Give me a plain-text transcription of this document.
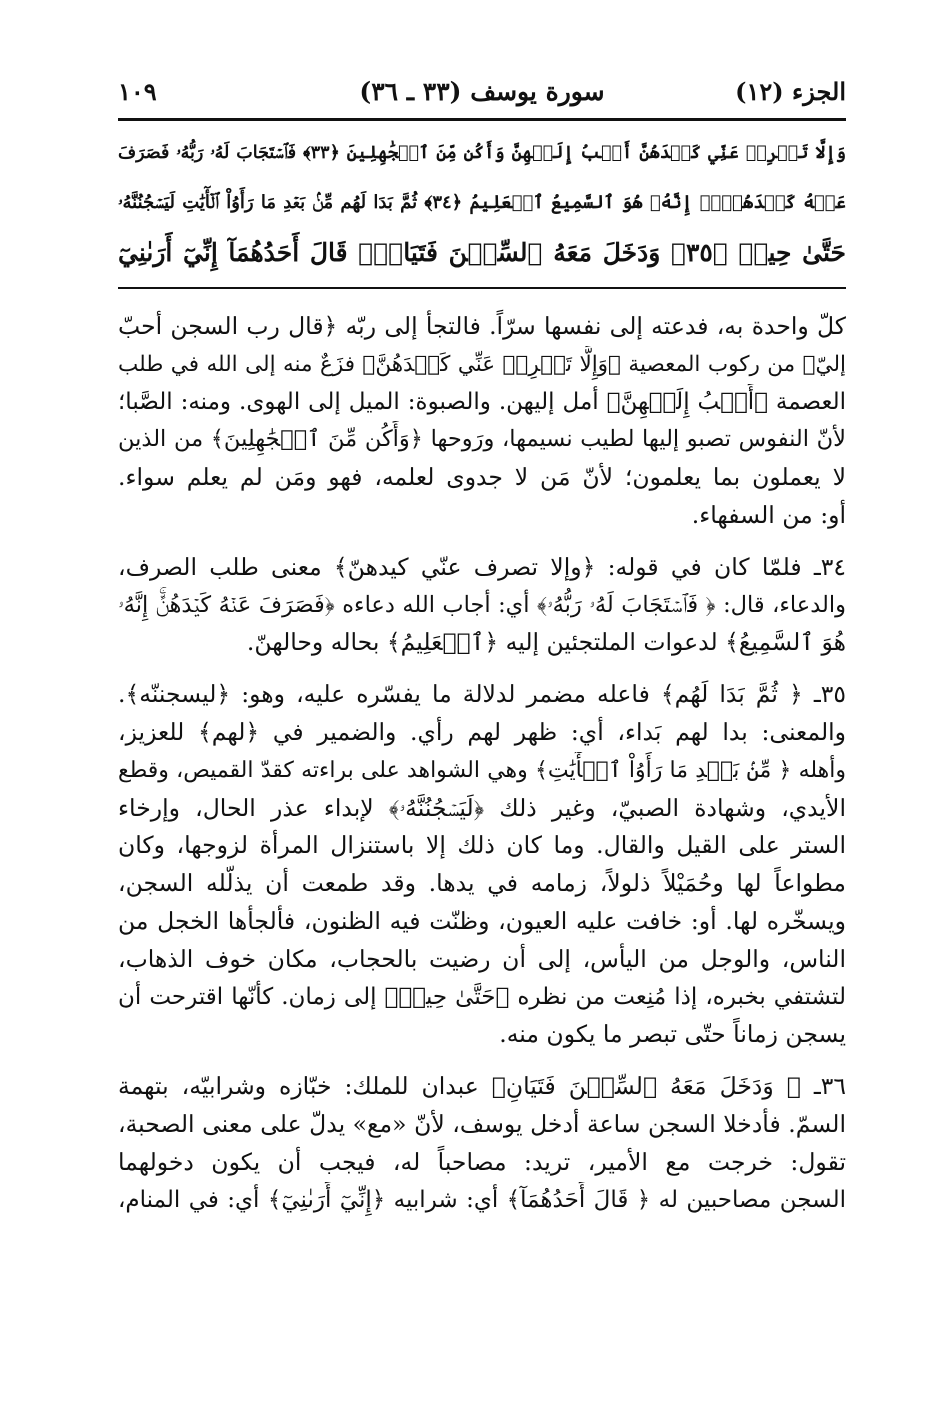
الجزء (١٢)
سورة يوسف (٣٣ ـ ٣٦)
١٠٩
وَإِلَّا تَصۡرِفۡ عَنِّي كَيۡدَهُنَّ أَصۡبُ إِلَيۡهِنَّ وَأَكُن مِّنَ ٱلۡجَٰهِلِينَ ﴿٣٣﴾ فَٱسۡتَجَابَ لَهُۥ رَبُّهُۥ فَصَرَفَ
عَنۡهُ كَيۡدَهُنَّۚ إِنَّهُۥ هُوَ ٱلسَّمِيعُ ٱلۡعَلِيمُ ﴿٣٤﴾ ثُمَّ بَدَا لَهُم مِّنۢ بَعۡدِ مَا رَأَوُاْ ٱلۡأٓيَٰتِ لَيَسۡجُنُنَّهُۥ
حَتَّىٰ حِينٖ ﴿٣٥﴾ وَدَخَلَ مَعَهُ ٱلسِّجۡنَ فَتَيَانِۖ قَالَ أَحَدُهُمَآ إِنِّيٓ أَرَىٰنِيٓ

كلّ واحدة به، فدعته إلى نفسها سرّاً. فالتجأ إلى ربّه ﴿قال رب السجن أحبّ
إليّ﴾ من ركوب المعصية ﴿وَإِلَّا تَصۡرِفۡ عَنِّي كَيۡدَهُنَّ﴾ فزَعٌ منه إلى الله في طلب
العصمة ﴿أَصۡبُ إِلَيۡهِنَّ﴾ أمل إليهن. والصبوة: الميل إلى الهوى. ومنه: الصَّبا؛
لأنّ النفوس تصبو إليها لطيب نسيمها، ورَوحها ﴿وَأَكُن مِّنَ ٱلۡجَٰهِلِينَ﴾ من الذين
لا يعملون بما يعلمون؛ لأنّ مَن لا جدوى لعلمه، فهو ومَن لم يعلم سواء.
أو: من السفهاء.

٣٤ـ فلمّا كان في قوله: ﴿وإلا تصرف عنّي كيدهنّ﴾ معنى طلب الصرف،
والدعاء، قال: ﴿ فَٱسۡتَجَابَ لَهُۥ رَبُّهُۥ﴾ أي: أجاب الله دعاءه ﴿فَصَرَفَ عَنۡهُ كَيۡدَهُنَّۚ إِنَّهُۥ
هُوَ ٱلسَّمِيعُ﴾ لدعوات الملتجئين إليه ﴿ٱلۡعَلِيمُ﴾ بحاله وحالهنّ.

٣٥ـ ﴿ ثُمَّ بَدَا لَهُم﴾ فاعله مضمر لدلالة ما يفسّره عليه، وهو: ﴿ليسجننّه﴾.
والمعنى: بدا لهم بَداء، أي: ظهر لهم رأي. والضمير في ﴿لهم﴾ للعزيز،
وأهله ﴿ مِّنۢ بَعۡدِ مَا رَأَوُاْ ٱلۡأٓيَٰتِ﴾ وهي الشواهد على براءته كقدّ القميص، وقطع
الأيدي، وشهادة الصبيّ، وغير ذلك ﴿لَيَسۡجُنُنَّهُۥ﴾ لإبداء عذر الحال، وإرخاء
الستر على القيل والقال. وما كان ذلك إلا باستنزال المرأة لزوجها، وكان
مطواعاً لها وحُمَيْلاً ذلولاً، زمامه في يدها. وقد طمعت أن يذلّله السجن،
ويسخّره لها. أو: خافت عليه العيون، وظنّت فيه الظنون، فألجأها الخجل من
الناس، والوجل من اليأس، إلى أن رضيت بالحجاب، مكان خوف الذهاب،
لتشتفي بخبره، إذا مُنِعت من نظره ﴿حَتَّىٰ حِينٖ﴾ إلى زمان. كأنّها اقترحت أن
يسجن زماناً حتّى تبصر ما يكون منه.

٣٦ـ ﴿ وَدَخَلَ مَعَهُ ٱلسِّجۡنَ فَتَيَانِ﴾ عبدان للملك: خبّازه وشرابيّه، بتهمة
السمّ. فأدخلا السجن ساعة أدخل يوسف، لأنّ «مع» يدلّ على معنى الصحبة،
تقول: خرجت مع الأمير، تريد: مصاحباً له، فيجب أن يكون دخولهما
السجن مصاحبين له ﴿ قَالَ أَحَدُهُمَآ﴾ أي: شرابيه ﴿إِنِّيٓ أَرَىٰنِيٓ﴾ أي: في المنام،
